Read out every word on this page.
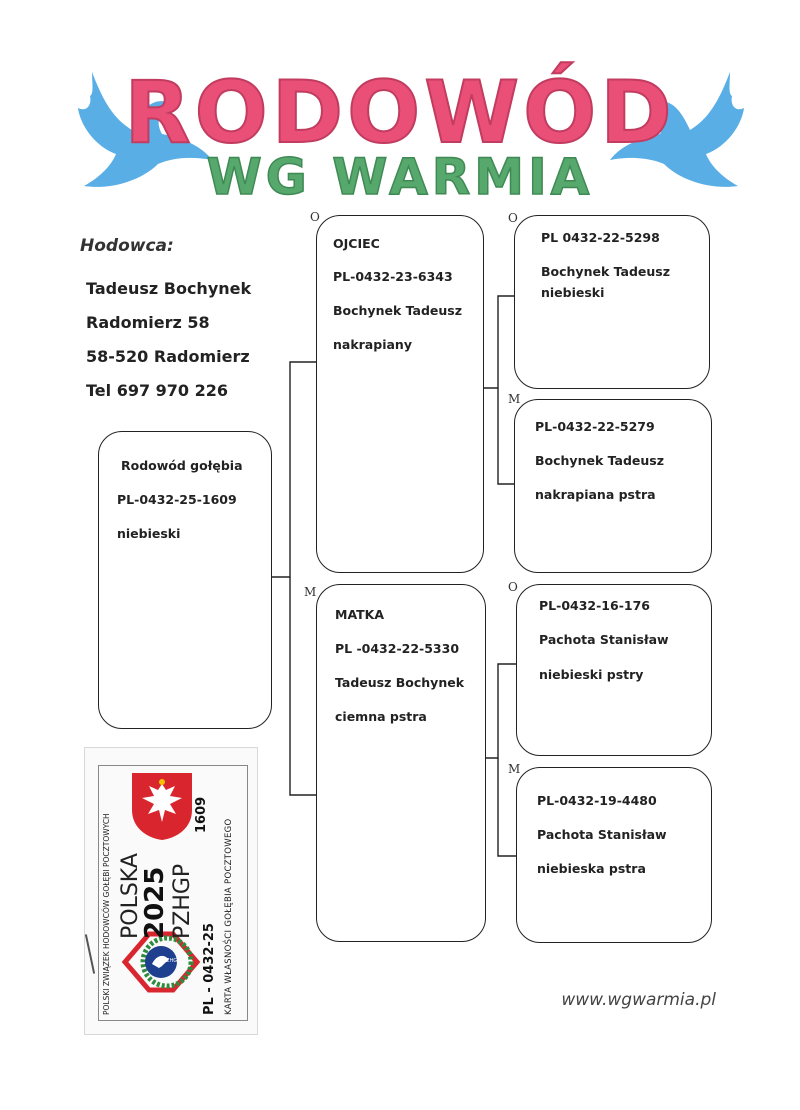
RODOWÓD
WG WARMIA
Hodowca:
Tadeusz Bochynek
Radomierz 58
58-520 Radomierz
Tel 697 970 226
Rodowód gołębia
PL-0432-25-1609
niebieski
O
OJCIEC
PL-0432-23-6343
Bochynek Tadeusz
nakrapiany
M
MATKA
PL -0432-22-5330
Tadeusz Bochynek
ciemna pstra
O
PL 0432-22-5298
Bochynek Tadeusz
niebieski
M
PL-0432-22-5279
Bochynek Tadeusz
nakrapiana pstra
O
PL-0432-16-176
Pachota Stanisław
niebieski pstry
M
PL-0432-19-4480
Pachota Stanisław
niebieska pstra
POLSKI ZWIĄZEK HODOWCÓW GOŁĘBI POCZTOWYCH POLSKA
2025 PZHGP
1609
PL - 0432-25 KARTA WŁASNOŚCI GOŁĘBIA POCZTOWEGO
PZHGP
www.wgwarmia.pl
